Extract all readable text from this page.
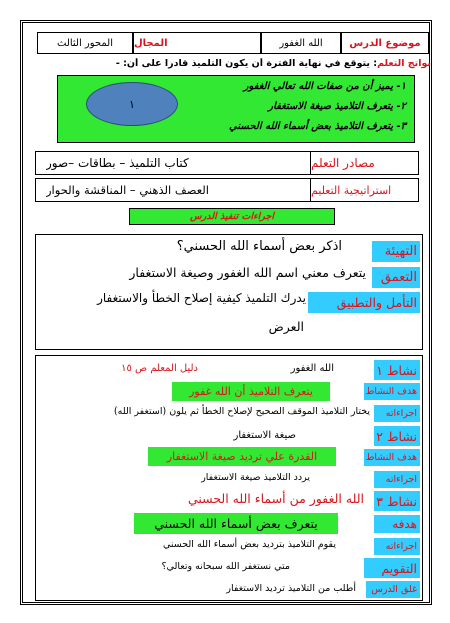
موضوع الدرس
الله الغفور
المجال
المحور الثالث
نواتج التعلم: يتوقع في نهاية الفترة أن يكون التلميذ قادرا على أن: -
١
١- يميز أن من صفات الله تعالي الغفور
٢- يتعرف التلاميذ صيغة الاستغفار
٣- يتعرف التلاميذ بعض أسماء الله الحسني
مصادر التعلم
كتاب التلميذ – بطاقات –صور
استراتيجية التعليم
العصف الذهني – المناقشة والحوار
اجراءات تنفيذ الدرس
التهيئة
اذكر بعض أسماء الله الحسني؟
التعمق
يتعرف معني اسم الله الغفور وصيغة الاستغفار
التأمل والتطبيق
يدرك التلميذ كيفية إصلاح الخطأ والاستغفار
العرض
نشاط ١
الله الغفور
دليل المعلم ص ١٥
هدف النشاط
يتعرف التلاميذ أن الله غفور
اجراءاته
يختار التلاميذ الموقف الصحيح لإصلاح الخطأ ثم يلون (استغفر الله)
نشاط ٢
صيغة الاستغفار
هدف النشاط
القدرة علي ترديد صيغة الاستغفار
اجراءاته
يردد التلاميذ صيغة الاستغفار
نشاط ٣
الله الغفور من أسماء الله الحسني
هدفه
يتعرف بعض أسماء الله الحسني
اجراءاته
يقوم التلاميذ بترديد بعض أسماء الله الحسني
التقويم
متي نستغفر الله سبحانه وتعالي؟
غلق الدرس
أطلب من التلاميذ ترديد الاستغفار
